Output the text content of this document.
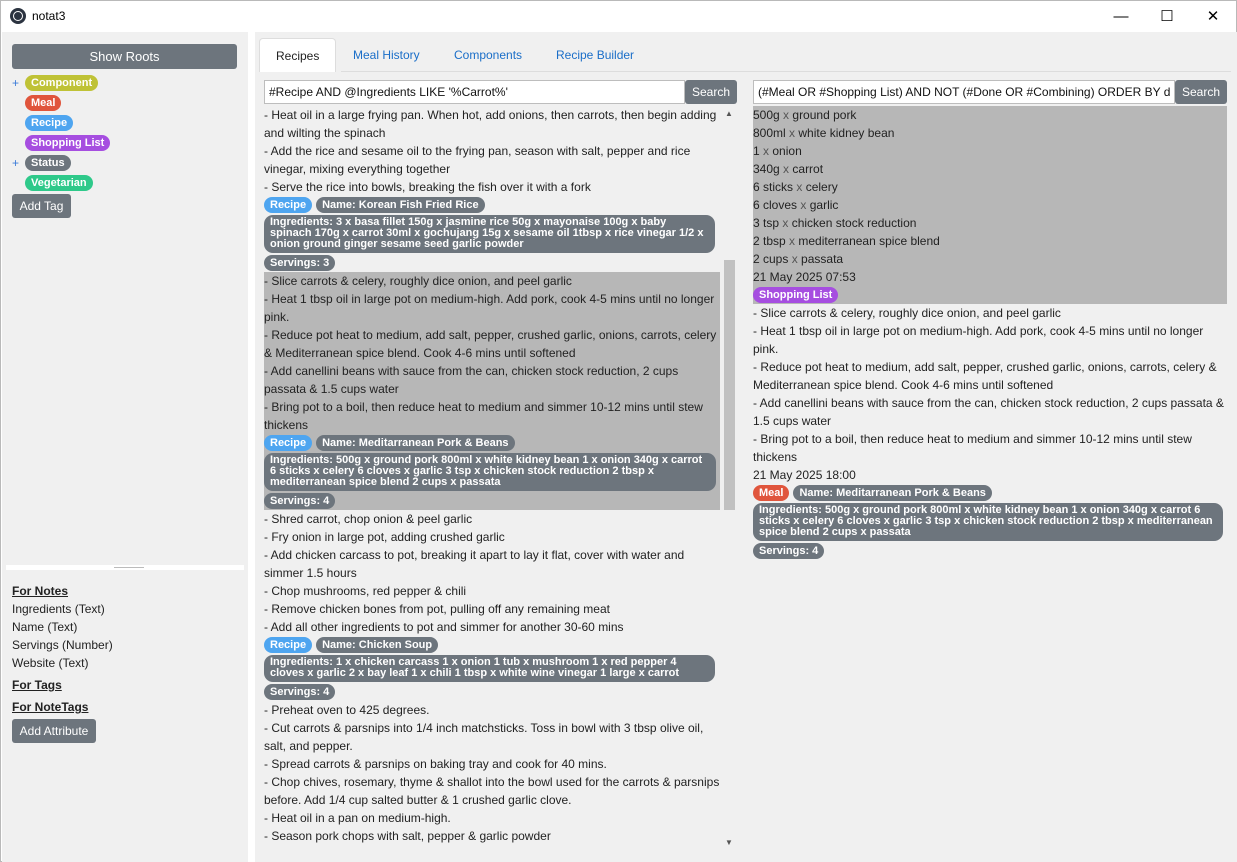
notat3	—	☐	✕
Show Roots
+	Component
Meal
Recipe
Shopping List
+	Status
Vegetarian
Add Tag
For Notes
Ingredients (Text)
Name (Text)
Servings (Number)
Website (Text)
For Tags
For NoteTags
Add Attribute
Recipes	Meal History	Components	Recipe Builder
#Recipe AND @Ingredients LIKE '%Carrot%'	Search
- Heat oil in a large frying pan. When hot, add onions, then carrots, then begin adding and wilting the spinach
- Add the rice and sesame oil to the frying pan, season with salt, pepper and rice vinegar, mixing everything together
- Serve the rice into bowls, breaking the fish over it with a fork
Recipe	Name: Korean Fish Fried Rice
Ingredients: 3 x basa fillet 150g x jasmine rice 50g x mayonaise 100g x baby spinach 170g x carrot 30ml x gochujang 15g x sesame oil 1tbsp x rice vinegar 1/2 x onion ground ginger sesame seed garlic powder
Servings: 3
- Slice carrots & celery, roughly dice onion, and peel garlic
- Heat 1 tbsp oil in large pot on medium-high. Add pork, cook 4-5 mins until no longer pink.
- Reduce pot heat to medium, add salt, pepper, crushed garlic, onions, carrots, celery & Mediterranean spice blend. Cook 4-6 mins until softened
- Add canellini beans with sauce from the can, chicken stock reduction, 2 cups passata & 1.5 cups water
- Bring pot to a boil, then reduce heat to medium and simmer 10-12 mins until stew thickens
Recipe	Name: Meditarranean Pork & Beans
Ingredients: 500g x ground pork 800ml x white kidney bean 1 x onion 340g x carrot 6 sticks x celery 6 cloves x garlic 3 tsp x chicken stock reduction 2 tbsp x mediterranean spice blend 2 cups x passata
Servings: 4
- Shred carrot, chop onion & peel garlic
- Fry onion in large pot, adding crushed garlic
- Add chicken carcass to pot, breaking it apart to lay it flat, cover with water and simmer 1.5 hours
- Chop mushrooms, red pepper & chili
- Remove chicken bones from pot, pulling off any remaining meat
- Add all other ingredients to pot and simmer for another 30-60 mins
Recipe	Name: Chicken Soup
Ingredients: 1 x chicken carcass 1 x onion 1 tub x mushroom 1 x red pepper 4 cloves x garlic 2 x bay leaf 1 x chili 1 tbsp x white wine vinegar 1 large x carrot
Servings: 4
- Preheat oven to 425 degrees.
- Cut carrots & parsnips into 1/4 inch matchsticks. Toss in bowl with 3 tbsp olive oil, salt, and pepper.
- Spread carrots & parsnips on baking tray and cook for 40 mins.
- Chop chives, rosemary, thyme & shallot into the bowl used for the carrots & parsnips before. Add 1/4 cup salted butter & 1 crushed garlic clove.
- Heat oil in a pan on medium-high.
- Season pork chops with salt, pepper & garlic powder
▲
▼
(#Meal OR #Shopping List) AND NOT (#Done OR #Combining) ORDER BY d Search
500g x ground pork
800ml x white kidney bean
1 x onion
340g x carrot
6 sticks x celery
6 cloves x garlic
3 tsp x chicken stock reduction
2 tbsp x mediterranean spice blend
2 cups x passata
21 May 2025 07:53
Shopping List
- Slice carrots & celery, roughly dice onion, and peel garlic
- Heat 1 tbsp oil in large pot on medium-high. Add pork, cook 4-5 mins until no longer pink.
- Reduce pot heat to medium, add salt, pepper, crushed garlic, onions, carrots, celery & Mediterranean spice blend. Cook 4-6 mins until softened
- Add canellini beans with sauce from the can, chicken stock reduction, 2 cups passata & 1.5 cups water
- Bring pot to a boil, then reduce heat to medium and simmer 10-12 mins until stew thickens
21 May 2025 18:00
Meal	Name: Meditarranean Pork & Beans
Ingredients: 500g x ground pork 800ml x white kidney bean 1 x onion 340g x carrot 6 sticks x celery 6 cloves x garlic 3 tsp x chicken stock reduction 2 tbsp x mediterranean spice blend 2 cups x passata
Servings: 4
